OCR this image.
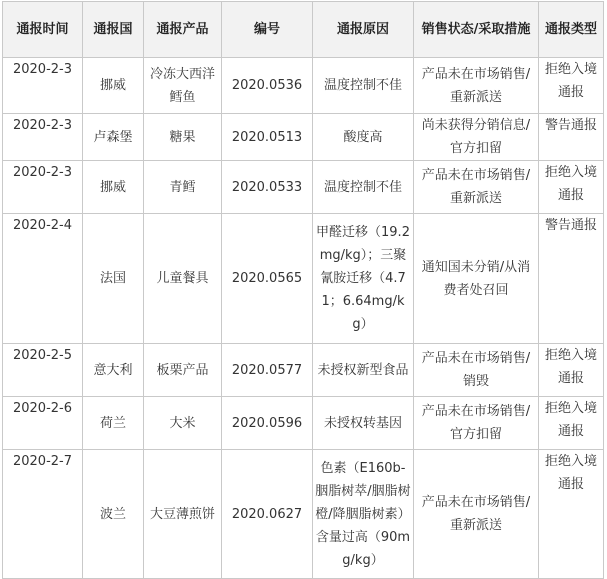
通报时间	通报国	通报产品	编号	通报原因	销售状态/采取措施	通报类型
2020-2-3	挪威	冷冻大西洋鳕鱼	2020.0536	温度控制不佳	产品未在市场销售/重新派送	拒绝入境通报
2020-2-3	卢森堡	糖果	2020.0513	酸度高	尚未获得分销信息/官方扣留	警告通报
2020-2-3	挪威	青鳕	2020.0533	温度控制不佳	产品未在市场销售/重新派送	拒绝入境通报
2020-2-4	法国	儿童餐具	2020.0565	甲醛迁移（19.2mg/kg）；三聚氰胺迁移（4.71；6.64mg/kg）	通知国未分销/从消费者处召回	警告通报
2020-2-5	意大利	板栗产品	2020.0577	未授权新型食品	产品未在市场销售/销毁	拒绝入境通报
2020-2-6	荷兰	大米	2020.0596	未授权转基因	产品未在市场销售/官方扣留	拒绝入境通报
2020-2-7	波兰	大豆薄煎饼	2020.0627	色素（E160b-胭脂树萃/胭脂树橙/降胭脂树素）含量过高（90mg/kg）	产品未在市场销售/重新派送	拒绝入境通报
